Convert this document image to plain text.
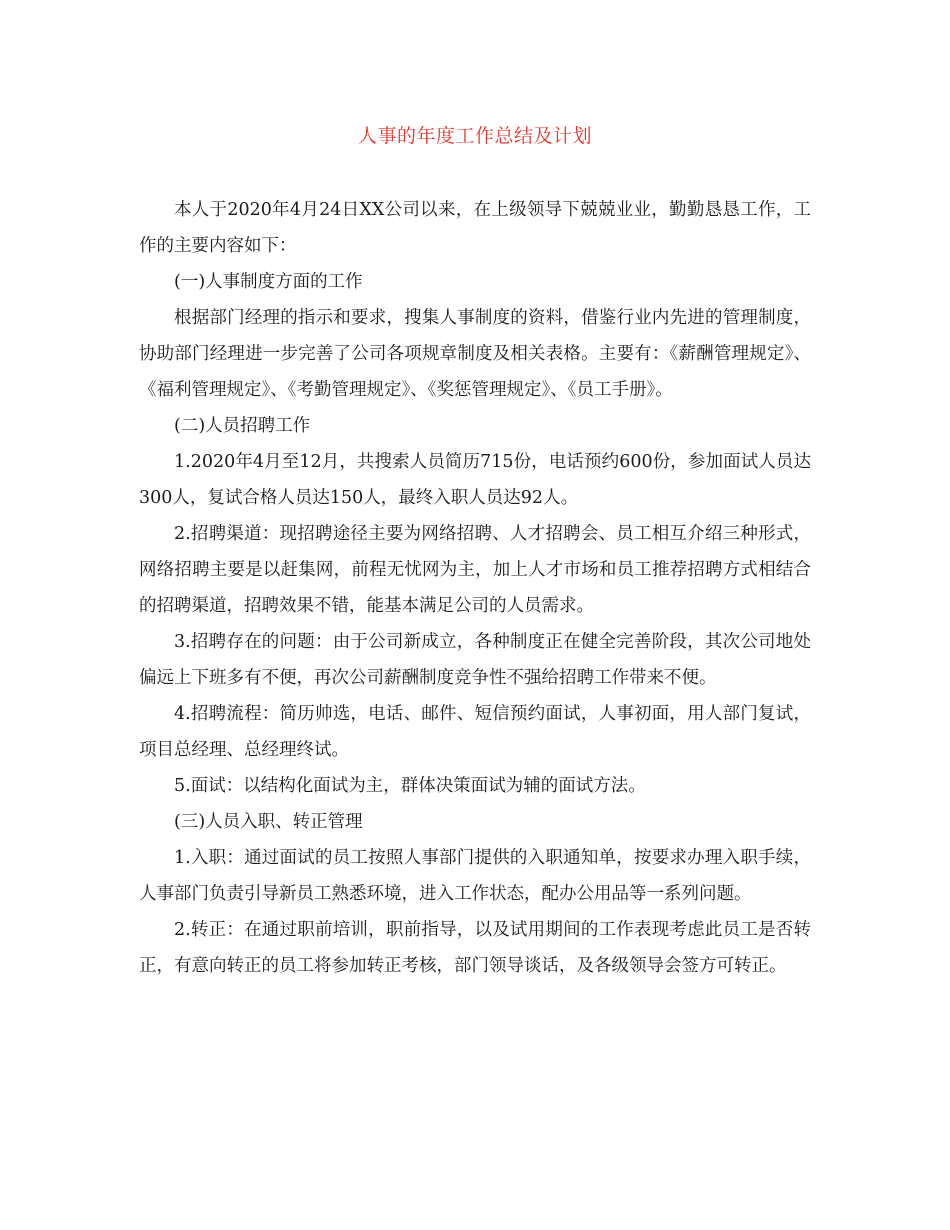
人事的年度工作总结及计划

本人于2020年4月24日XX公司以来，在上级领导下兢兢业业，勤勤恳恳工作，工作的主要内容如下：

(一)人事制度方面的工作

根据部门经理的指示和要求，搜集人事制度的资料，借鉴行业内先进的管理制度，协助部门经理进一步完善了公司各项规章制度及相关表格。主要有：《薪酬管理规定》、《福利管理规定》、《考勤管理规定》、《奖惩管理规定》、《员工手册》。

(二)人员招聘工作

1.2020年4月至12月，共搜索人员简历715份，电话预约600份，参加面试人员达300人，复试合格人员达150人，最终入职人员达92人。

2.招聘渠道：现招聘途径主要为网络招聘、人才招聘会、员工相互介绍三种形式，网络招聘主要是以赶集网，前程无忧网为主，加上人才市场和员工推荐招聘方式相结合的招聘渠道，招聘效果不错，能基本满足公司的人员需求。

3.招聘存在的问题：由于公司新成立，各种制度正在健全完善阶段，其次公司地处偏远上下班多有不便，再次公司薪酬制度竞争性不强给招聘工作带来不便。

4.招聘流程：简历帅选，电话、邮件、短信预约面试，人事初面，用人部门复试，项目总经理、总经理终试。

5.面试：以结构化面试为主，群体决策面试为辅的面试方法。

(三)人员入职、转正管理

1.入职：通过面试的员工按照人事部门提供的入职通知单，按要求办理入职手续，人事部门负责引导新员工熟悉环境，进入工作状态，配办公用品等一系列问题。

2.转正：在通过职前培训，职前指导，以及试用期间的工作表现考虑此员工是否转正，有意向转正的员工将参加转正考核，部门领导谈话，及各级领导会签方可转正。
